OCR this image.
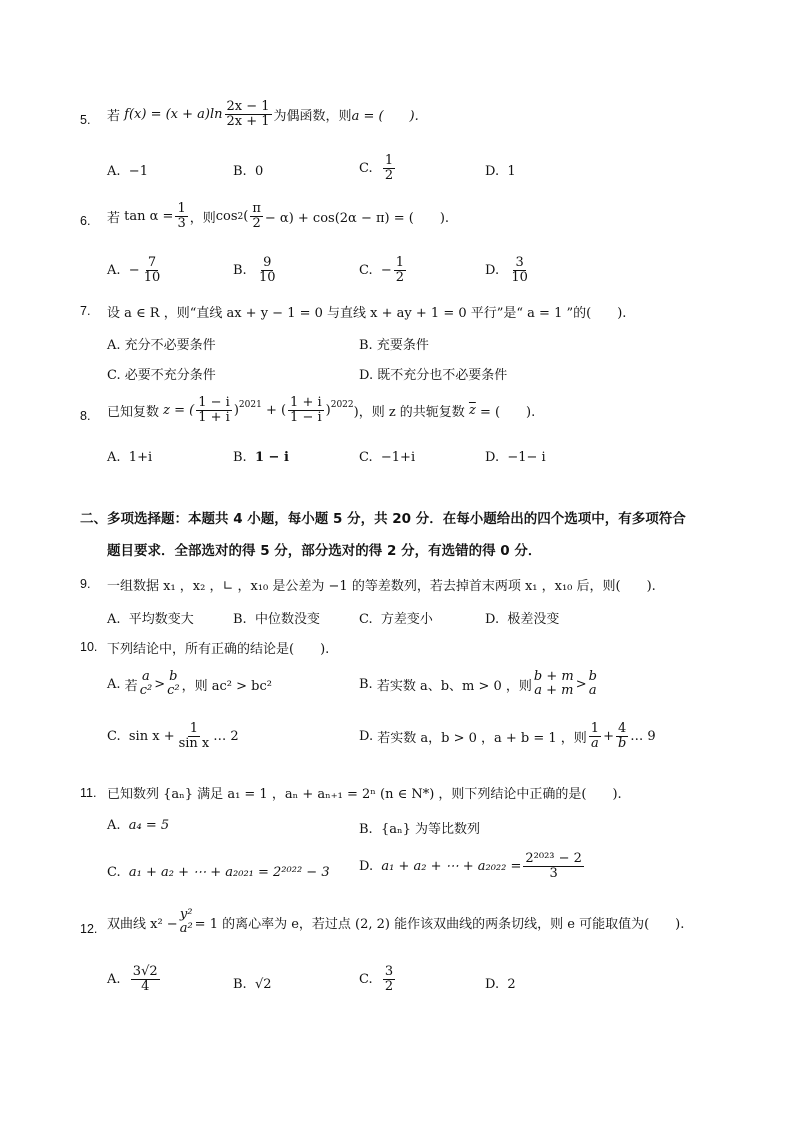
5. 若
$f(x) = (x + a)\ln \frac{2x - 1}{2x + 1}$ 为偶函数，则 a = (　　).
A. −1	B. 0	C.
$\frac{1}{2}$	D. 1
6. 若
$\tan \alpha = \frac{1}{3}$ ，则 cos 2 ( $\frac{\pi}{2} - \alpha) + \cos(2\alpha - \pi)$ = (　　).
A.
− $\frac{7}{10}$	B.
$\frac{9}{10}$	C.
− $\frac{1}{2}$	D.
$\frac{3}{10}$
7. 设 a ∈ R ，则“直线 ax + y − 1 = 0 与直线 x + ay + 1 = 0 平行”是“ a = 1 ”的(　　).
A. 充分不必要条件	B. 充要条件
C. 必要不充分条件	D. 既不充分也不必要条件
8. 已知复数
z = ( $\frac{1 - i}{1 + i} )^{2021}$ + ( $\frac{1 + i}{1 - i} )^{2022}$
)，则 z 的共轭复数
$\overline{z}$
= (　　).
A. 1+i	B. 1 − i	C. −1+i	D. −1− i
二、多项选择题：本题共 4 小题，每小题 5 分，共 20 分．在每小题给出的四个选项中，有多项符合
题目要求．全部选对的得 5 分，部分选对的得 2 分，有选错的得 0 分．
9. 一组数据 x₁ ，x₂ ，∟ ，x₁₀ 是公差为 −1 的等差数列，若去掉首末两项 x₁ ，x₁₀ 后，则(　　).
A. 平均数变大	B. 中位数没变	C. 方差变小	D. 极差没变
10. 下列结论中，所有正确的结论是(　　).
A.
若
a
c² >
b
c² ，则 ac² > bc²	B.
若实数 a、b、m > 0 ，则
b + m
a + m >
b
a
C.
$\sin x + \frac{1}{\text{sin x}}$ … 2	D.
若实数 a，b > 0 ，a + b = 1 ，则 $\frac{1}{a} + \frac{4}{b}$ … 9
11. 已知数列 {aₙ} 满足 a₁ = 1 ，aₙ + aₙ₊₁ = 2ⁿ (n ∈ N*) ，则下列结论中正确的是(　　).
A. a₄ = 5	B. {aₙ} 为等比数列
C. a₁ + a₂ + ⋯ + a₂₀₂₁ = 2²⁰²² − 3 D.
a₁ + a₂ + ⋯ + $a_{2022} = \frac{\text{2²⁰²³ − 2}}{3}$
12. 双曲线 x² −
y²
a² = 1 的离心率为 e，若过点 (2, 2) 能作该双曲线的两条切线，则 e 可能取值为(　　).
A.
$\frac{3√2}{4}$	B. √2	C.
$\frac{3}{2}$	D. 2
